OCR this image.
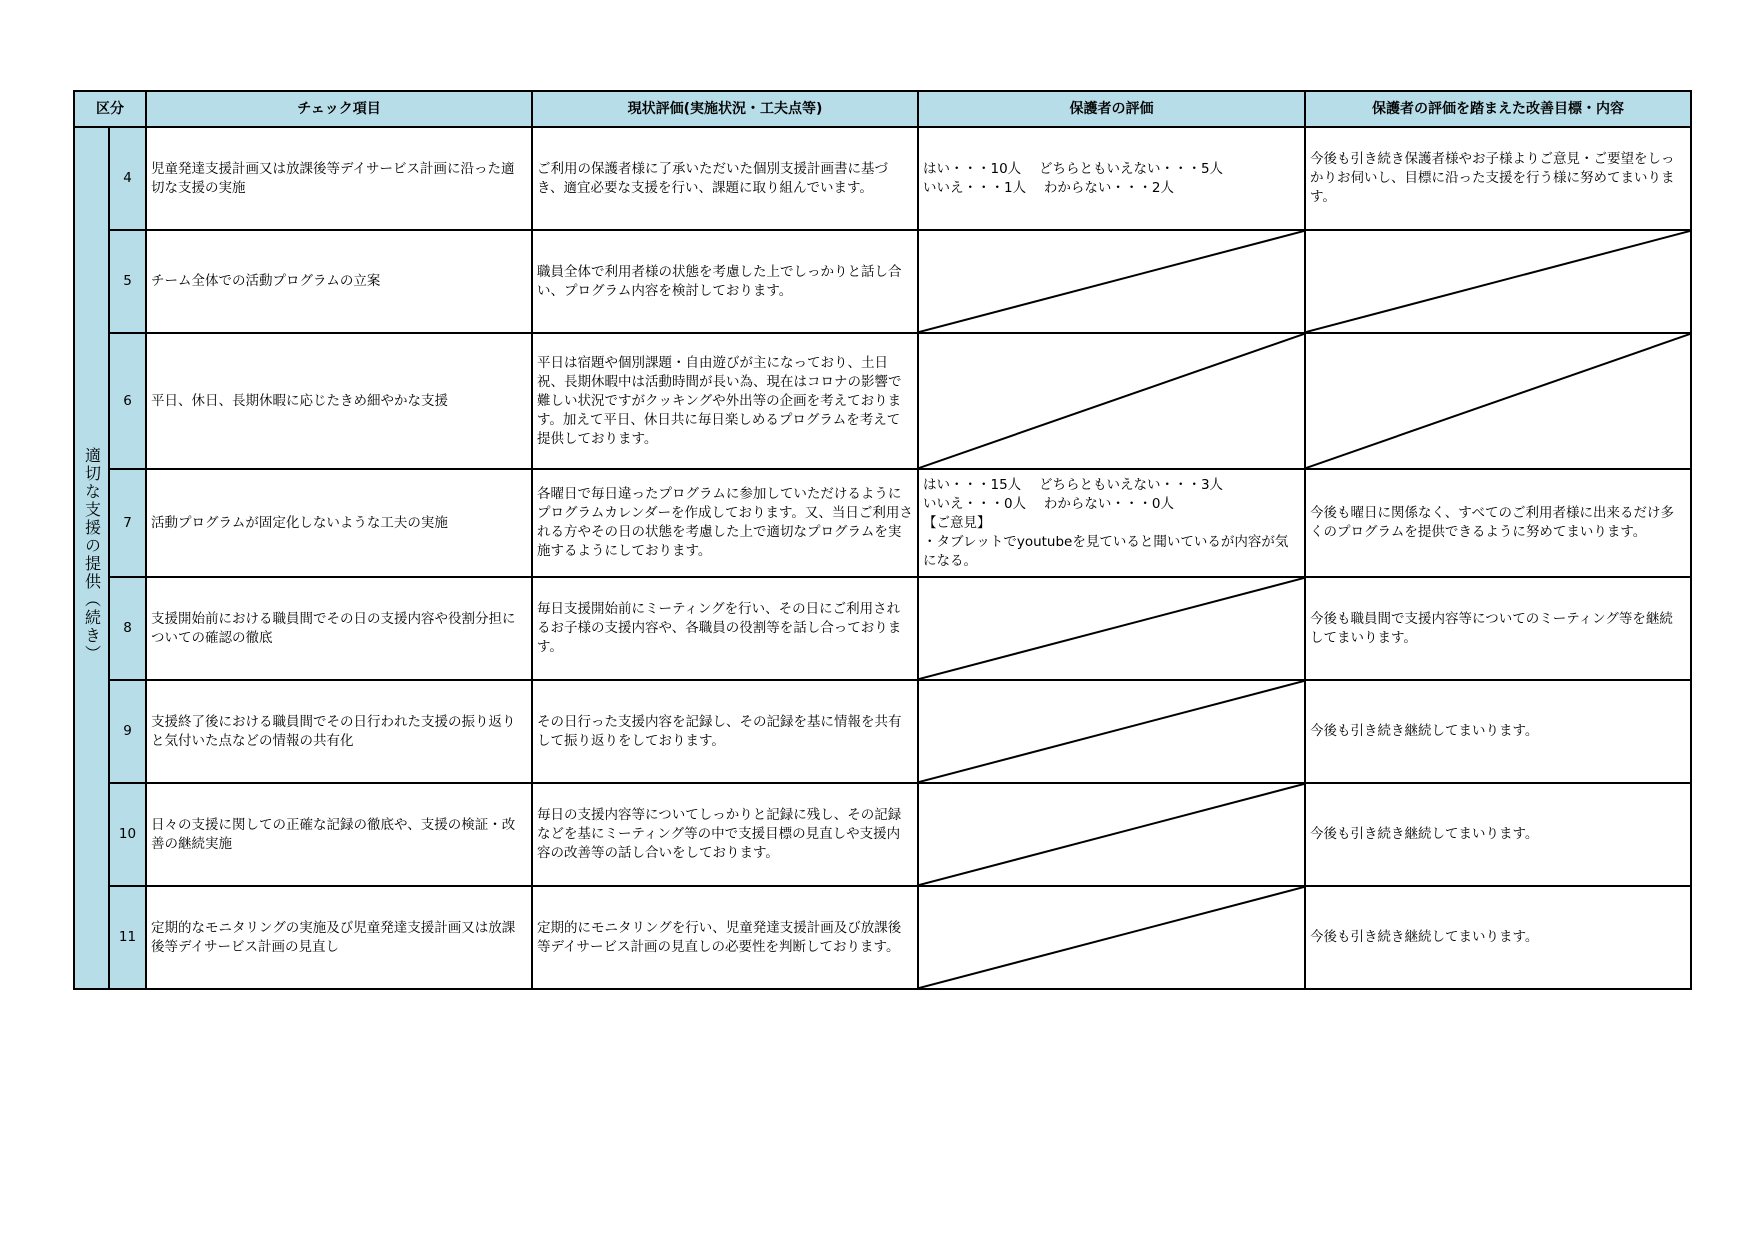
区分		チェック項目	現状評価(実施状況・工夫点等)	保護者の評価	保護者の評価を踏まえた改善目標・内容
適切な支援の提供（続き）	4	児童発達支援計画又は放課後等デイサービス計画に沿った適切な支援の実施	ご利用の保護者様に了承いただいた個別支援計画書に基づき、適宜必要な支援を行い、課題に取り組んでいます。	はい・・・10人　 どちらともいえない・・・5人
いいえ・・・1人　 わからない・・・2人	今後も引き続き保護者様やお子様よりご意見・ご要望をしっかりお伺いし、目標に沿った支援を行う様に努めてまいります。
	5	チーム全体での活動プログラムの立案	職員全体で利用者様の状態を考慮した上でしっかりと話し合い、プログラム内容を検討しております。	

	6	平日、休日、長期休暇に応じたきめ細やかな支援	平日は宿題や個別課題・自由遊びが主になっており、土日祝、長期休暇中は活動時間が長い為、現在はコロナの影響で難しい状況ですがクッキングや外出等の企画を考えております。加えて平日、休日共に毎日楽しめるプログラムを考えて提供しております。	

	7	活動プログラムが固定化しないような工夫の実施	各曜日で毎日違ったプログラムに参加していただけるようにプログラムカレンダーを作成しております。又、当日ご利用される方やその日の状態を考慮した上で適切なプログラムを実施するようにしております。	はい・・・15人　 どちらともいえない・・・3人
いいえ・・・0人　 わからない・・・0人
【ご意見】
・タブレットでyoutubeを見ていると聞いているが内容が気になる。	今後も曜日に関係なく、すべてのご利用者様に出来るだけ多くのプログラムを提供できるように努めてまいります。
	8	支援開始前における職員間でその日の支援内容や役割分担についての確認の徹底	毎日支援開始前にミーティングを行い、その日にご利用されるお子様の支援内容や、各職員の役割等を話し合っております。		今後も職員間で支援内容等についてのミーティング等を継続してまいります。
	9	支援終了後における職員間でその日行われた支援の振り返りと気付いた点などの情報の共有化	その日行った支援内容を記録し、その記録を基に情報を共有して振り返りをしております。		今後も引き続き継続してまいります。
	10	日々の支援に関しての正確な記録の徹底や、支援の検証・改善の継続実施	毎日の支援内容等についてしっかりと記録に残し、その記録などを基にミーティング等の中で支援目標の見直しや支援内容の改善等の話し合いをしております。		今後も引き続き継続してまいります。
	11	定期的なモニタリングの実施及び児童発達支援計画又は放課後等デイサービス計画の見直し	定期的にモニタリングを行い、児童発達支援計画及び放課後等デイサービス計画の見直しの必要性を判断しております。		今後も引き続き継続してまいります。
